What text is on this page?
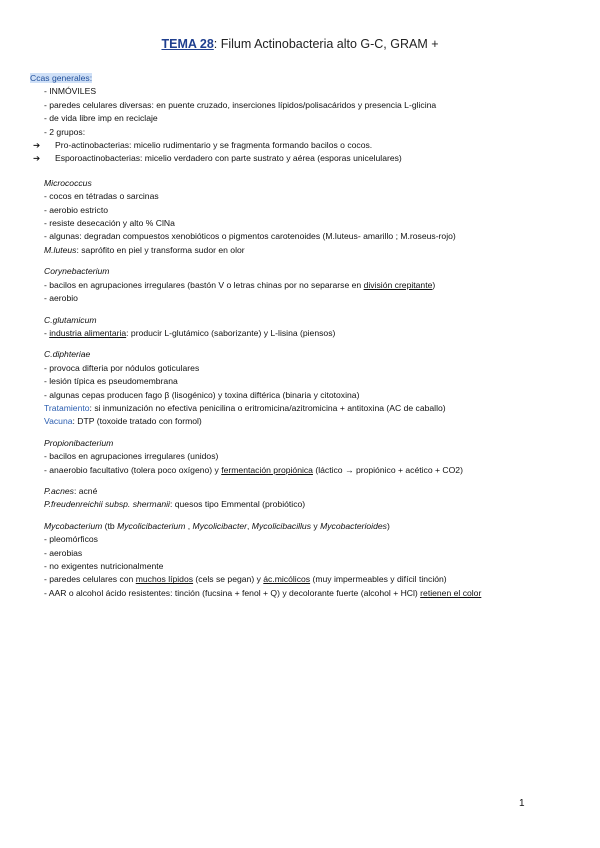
TEMA 28: Filum Actinobacteria alto G-C, GRAM +
Ccas generales:
- INMÓVILES
- paredes celulares diversas: en puente cruzado, inserciones lípidos/polisacáridos y presencia L-glicina
- de vida libre imp en reciclaje
- 2 grupos:
➔ Pro-actinobacterias: micelio rudimentario y se fragmenta formando bacilos o cocos.
➔ Esporoactinobacterias: micelio verdadero con parte sustrato y aérea (esporas unicelulares)
Micrococcus
- cocos en tétradas o sarcinas
- aerobio estricto
- resiste desecación y alto % ClNa
- algunas: degradan compuestos xenobióticos o pigmentos carotenoides (M.luteus- amarillo ; M.roseus-rojo)
M.luteus: saprófito en piel y transforma sudor en olor
Corynebacterium
- bacilos en agrupaciones irregulares (bastón V o letras chinas por no separarse en división crepitante)
- aerobio
C.glutamicum
- industria alimentaria: producir L-glutámico (saborizante) y L-lisina (piensos)
C.diphteriae
- provoca difteria por nódulos goticulares
- lesión típica es pseudomembrana
- algunas cepas producen fago β (lisogénico) y toxina diftérica (binaria y citotoxina)
Tratamiento: si inmunización no efectiva penicilina o eritromicina/azitromicina + antitoxina (AC de caballo)
Vacuna: DTP (toxoide tratado con formol)
Propionibacterium
- bacilos en agrupaciones irregulares (unidos)
- anaerobio facultativo (tolera poco oxígeno) y fermentación propiónica (láctico → propiónico + acético + CO2)
P.acnes: acné
P.freudenreichii subsp. shermanii: quesos tipo Emmental (probiótico)
Mycobacterium (tb Mycolicibacterium , Mycolicibacter, Mycolicibacillus y Mycobacterioides)
- pleomórficos
- aerobias
- no exigentes nutricionalmente
- paredes celulares con muchos lípidos (cels se pegan) y ác.micólicos (muy impermeables y difícil tinción)
- AAR o alcohol ácido resistentes: tinción (fucsina + fenol + Q) y decolorante fuerte (alcohol + HCl) retienen el color
1
